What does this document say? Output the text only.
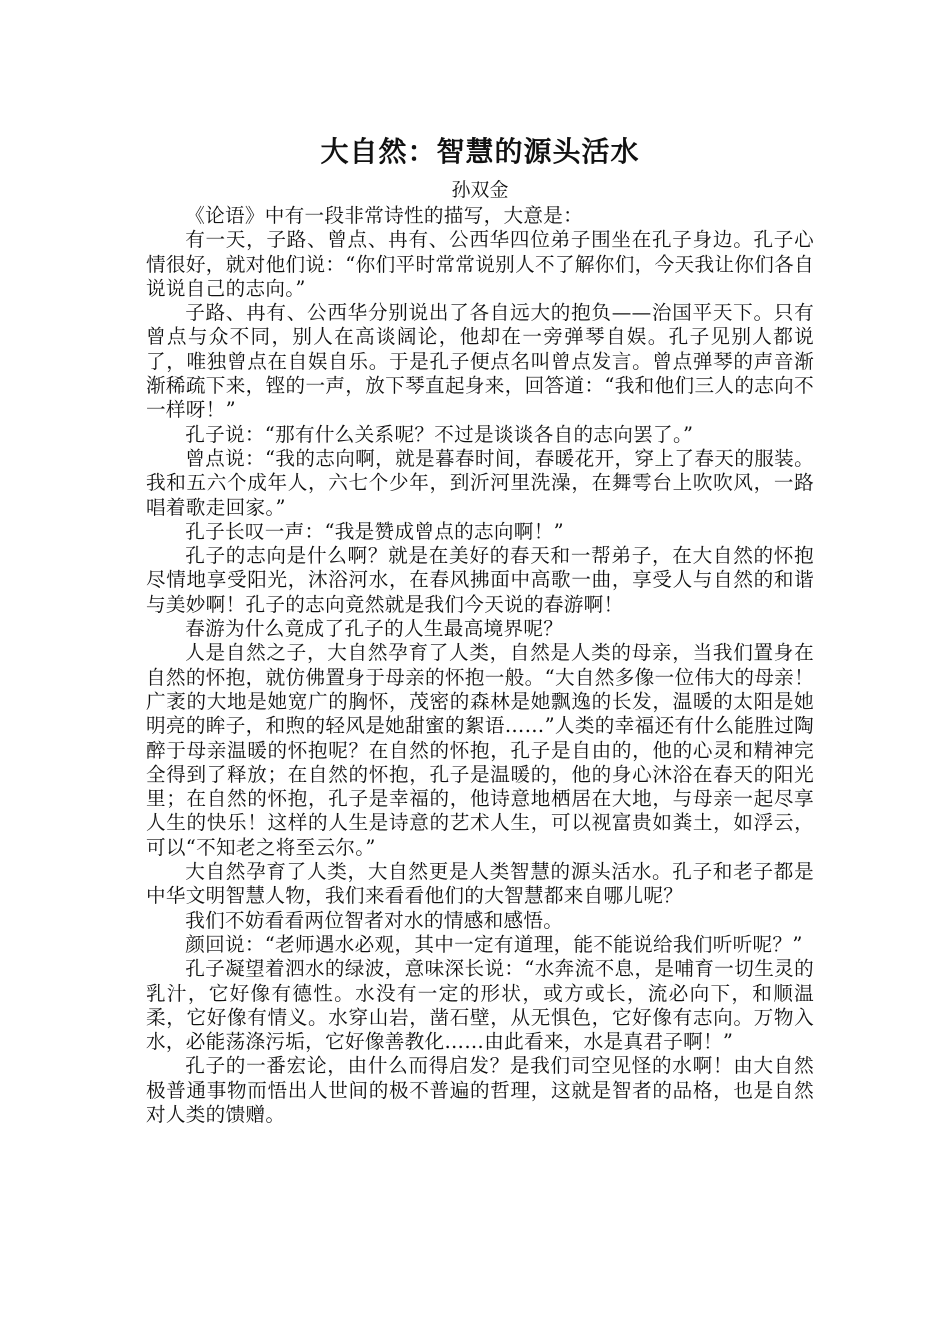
大自然：智慧的源头活水
孙双金

《论语》中有一段非常诗性的描写，大意是：

有一天，子路、曾点、冉有、公西华四位弟子围坐在孔子身边。孔子心情很好，就对他们说：“你们平时常常说别人不了解你们，今天我让你们各自说说自己的志向。”

子路、冉有、公西华分别说出了各自远大的抱负——治国平天下。只有曾点与众不同，别人在高谈阔论，他却在一旁弹琴自娱。孔子见别人都说了，唯独曾点在自娱自乐。于是孔子便点名叫曾点发言。曾点弹琴的声音渐渐稀疏下来，铿的一声，放下琴直起身来，回答道：“我和他们三人的志向不一样呀！”

孔子说：“那有什么关系呢？不过是谈谈各自的志向罢了。”

曾点说：“我的志向啊，就是暮春时间，春暖花开，穿上了春天的服装。我和五六个成年人，六七个少年，到沂河里洗澡，在舞雩台上吹吹风，一路唱着歌走回家。”

孔子长叹一声：“我是赞成曾点的志向啊！”

孔子的志向是什么啊？就是在美好的春天和一帮弟子，在大自然的怀抱尽情地享受阳光，沐浴河水，在春风拂面中高歌一曲，享受人与自然的和谐与美妙啊！孔子的志向竟然就是我们今天说的春游啊！

春游为什么竟成了孔子的人生最高境界呢？

人是自然之子，大自然孕育了人类，自然是人类的母亲，当我们置身在自然的怀抱，就仿佛置身于母亲的怀抱一般。“大自然多像一位伟大的母亲！广袤的大地是她宽广的胸怀，茂密的森林是她飘逸的长发，温暖的太阳是她明亮的眸子，和煦的轻风是她甜蜜的絮语……”人类的幸福还有什么能胜过陶醉于母亲温暖的怀抱呢？在自然的怀抱，孔子是自由的，他的心灵和精神完全得到了释放；在自然的怀抱，孔子是温暖的，他的身心沐浴在春天的阳光里；在自然的怀抱，孔子是幸福的，他诗意地栖居在大地，与母亲一起尽享人生的快乐！这样的人生是诗意的艺术人生，可以视富贵如粪土，如浮云，可以“不知老之将至云尔。”

大自然孕育了人类，大自然更是人类智慧的源头活水。孔子和老子都是中华文明智慧人物，我们来看看他们的大智慧都来自哪儿呢？

我们不妨看看两位智者对水的情感和感悟。

颜回说：“老师遇水必观，其中一定有道理，能不能说给我们听听呢？”

孔子凝望着泗水的绿波，意味深长说：“水奔流不息，是哺育一切生灵的乳汁，它好像有德性。水没有一定的形状，或方或长，流必向下，和顺温柔，它好像有情义。水穿山岩，凿石壁，从无惧色，它好像有志向。万物入水，必能荡涤污垢，它好像善教化……由此看来，水是真君子啊！”

孔子的一番宏论，由什么而得启发？是我们司空见怪的水啊！由大自然极普通事物而悟出人世间的极不普遍的哲理，这就是智者的品格，也是自然对人类的馈赠。
